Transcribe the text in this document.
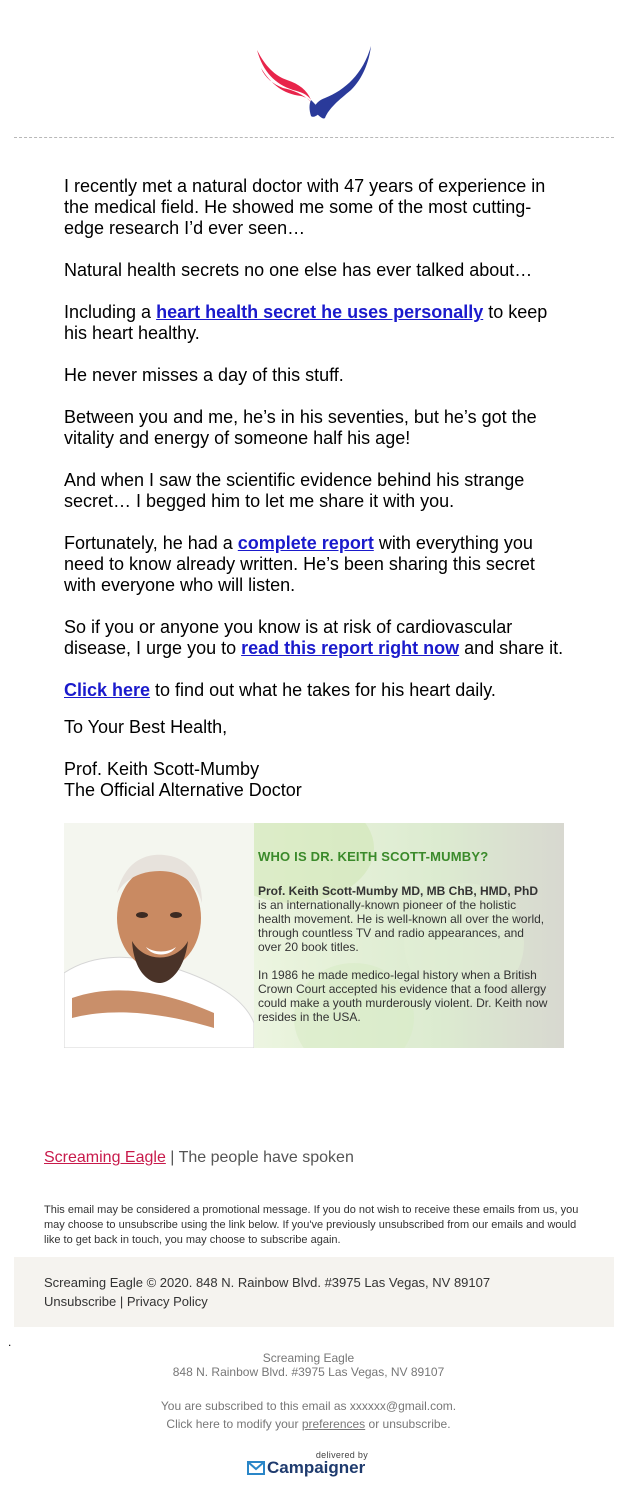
I recently met a natural doctor with 47 years of experience in the medical field. He showed me some of the most cutting-edge research I’d ever seen…

Natural health secrets no one else has ever talked about…

Including a heart health secret he uses personally to keep his heart healthy.

He never misses a day of this stuff.

Between you and me, he’s in his seventies, but he’s got the vitality and energy of someone half his age!

And when I saw the scientific evidence behind his strange secret… I begged him to let me share it with you.

Fortunately, he had a complete report with everything you need to know already written. He’s been sharing this secret with everyone who will listen.

So if you or anyone you know is at risk of cardiovascular disease, I urge you to read this report right now and share it.

Click here to find out what he takes for his heart daily.

To Your Best Health,
Prof. Keith Scott-Mumby
The Official Alternative Doctor
WHO IS DR. KEITH SCOTT-MUMBY?

Prof. Keith Scott-Mumby MD, MB ChB, HMD, PhD is an internationally-known pioneer of the holistic health movement. He is well-known all over the world, through countless TV and radio appearances, and over 20 book titles.

In 1986 he made medico-legal history when a British Crown Court accepted his evidence that a food allergy could make a youth murderously violent. Dr. Keith now resides in the USA.

Screaming Eagle | The people have spoken
This email may be considered a promotional message. If you do not wish to receive these emails from us, you may choose to unsubscribe using the link below. If you've previously unsubscribed from our emails and would like to get back in touch, you may choose to subscribe again.
Screaming Eagle © 2020. 848 N. Rainbow Blvd. #3975 Las Vegas, NV 89107
Unsubscribe | Privacy Policy
.
Screaming Eagle
848 N. Rainbow Blvd. #3975 Las Vegas, NV 89107
You are subscribed to this email as xxxxxx@gmail.com.
Click here to modify your preferences or unsubscribe.
delivered by
Campaigner
